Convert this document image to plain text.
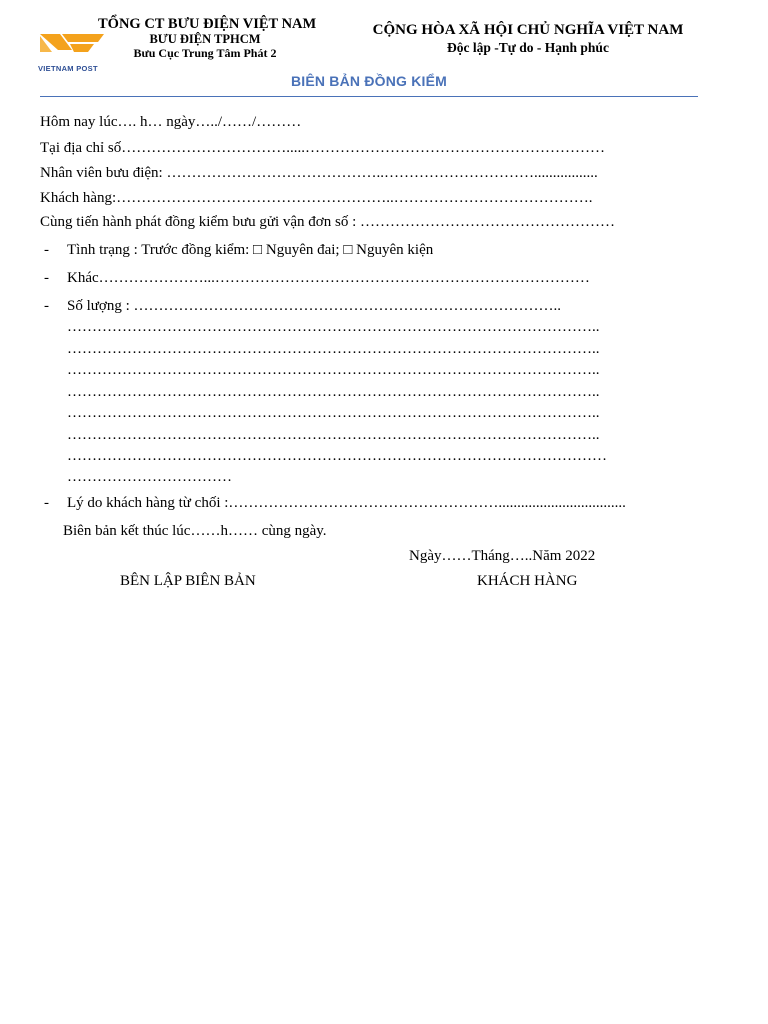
VIETNAM POST
TỔNG CT BƯU ĐIỆN VIỆT NAM
BƯU ĐIỆN TPHCM
Bưu Cục Trung Tâm Phát 2
CỘNG HÒA XÃ HỘI CHỦ NGHĨA VIỆT NAM
Độc lập -Tự do - Hạnh phúc
BIÊN BẢN ĐỒNG KIỂM
Hôm nay lúc…. h… ngày…../……/………
Tại địa chỉ số…………………………….....……………………………………………………
Nhân viên bưu điện: ……………………………………..………………………….................
Khách hàng:………………………………………………..………………………………….
Cùng tiến hành phát đồng kiểm bưu gửi vận đơn số : ……………………………………………
- Tình trạng : Trước đồng kiểm: □ Nguyên đai; □ Nguyên kiện
- Khác…………………...…………………………………………………………………
- Số lượng : …………………………………………………………………………..
……………………………………………………………………………………………..
……………………………………………………………………………………………..
……………………………………………………………………………………………..
……………………………………………………………………………………………..
……………………………………………………………………………………………..
……………………………………………………………………………………………..
………………………………………………………………………………………………
……………………………
- Lý do khách hàng từ chối :………………………………………………..................................
Biên bản kết thúc lúc……h…… cùng ngày.
Ngày……Tháng…..Năm 2022
BÊN LẬP BIÊN BẢN	KHÁCH HÀNG
